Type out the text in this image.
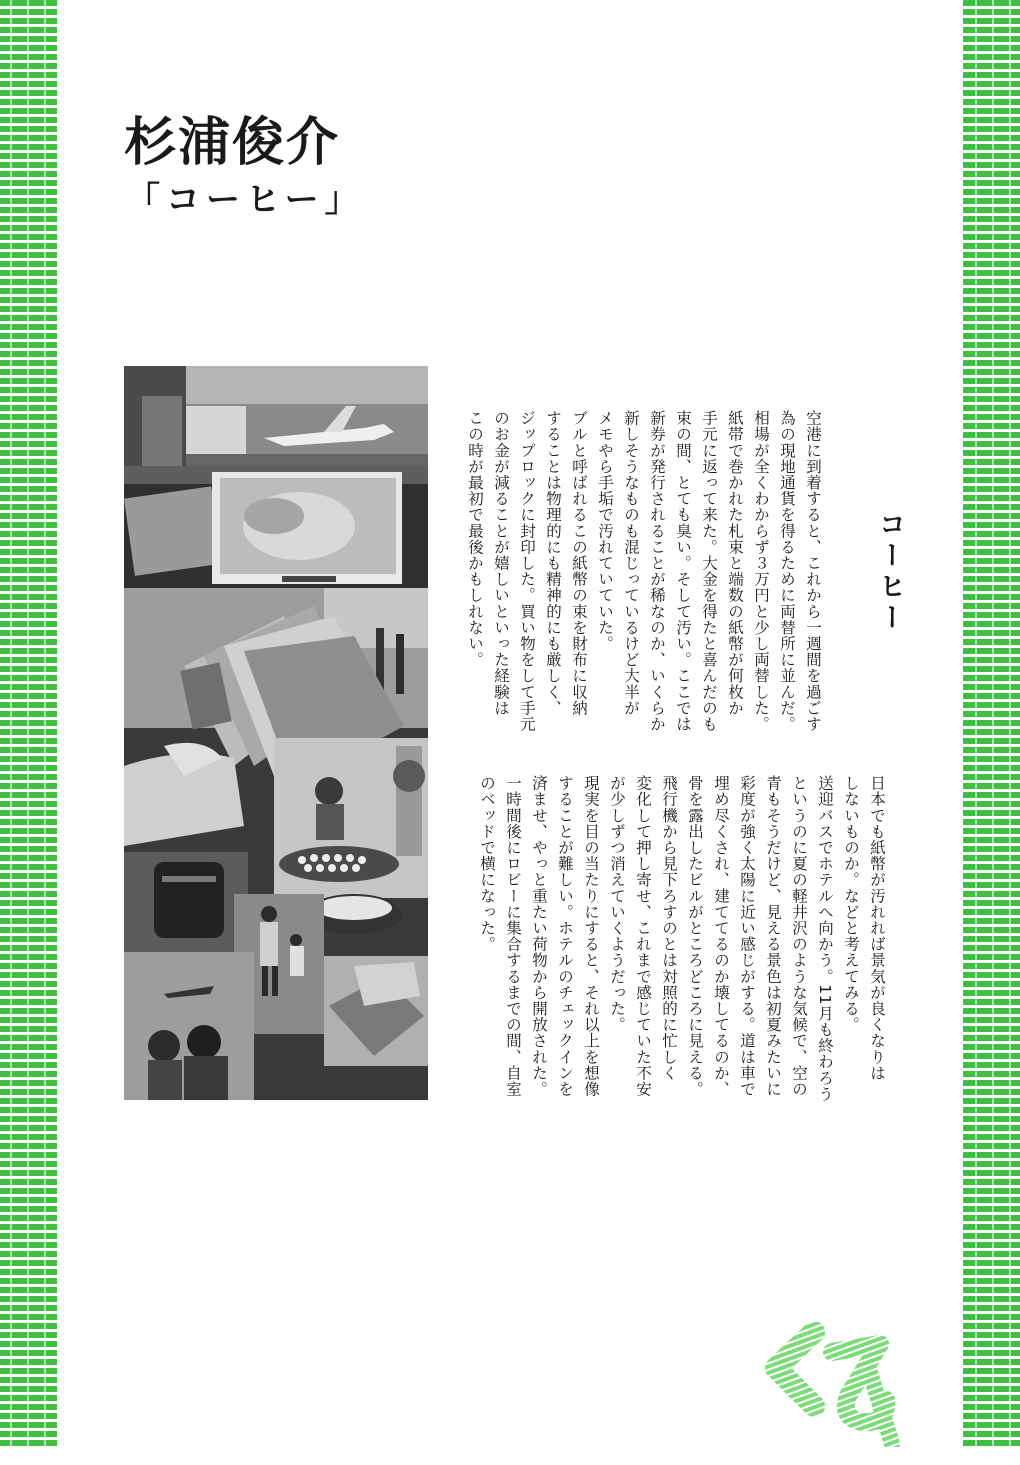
杉浦俊介
「コーヒー」
コーヒー

空港に到着すると、これから一週間を過ごす

為の現地通貨を得るために両替所に並んだ。

相場が全くわからず３万円と少し両替した。

紙帯で巻かれた札束と端数の紙幣が何枚か

手元に返って来た。大金を得たと喜んだのも

束の間、とても臭い。そして汚い。ここでは

新券が発行されることが稀なのか、いくらか

新しそうなものも混じっているけど大半が

メモやら手垢で汚れていていた。

ブルと呼ばれるこの紙幣の束を財布に収納

することは物理的にも精神的にも厳しく、

ジップロックに封印した。買い物をして手元

のお金が減ることが嬉しいといった経験は

この時が最初で最後かもしれない。

日本でも紙幣が汚れれば景気が良くなりは

しないものか。などと考えてみる。

送迎バスでホテルへ向かう。11月も終わろう

というのに夏の軽井沢のような気候で、空の

青もそうだけど、見える景色は初夏みたいに

彩度が強く太陽に近い感じがする。道は車で

埋め尽くされ、建ててるのか壊してるのか、

骨を露出したビルがところどころに見える。

飛行機から見下ろすのとは対照的に忙しく

変化して押し寄せ、これまで感じていた不安

が少しずつ消えていくようだった。

現実を目の当たりにすると、それ以上を想像

することが難しい。ホテルのチェックインを

済ませ、やっと重たい荷物から開放された。

一時間後にロビーに集合するまでの間、自室

のベッドで横になった。
